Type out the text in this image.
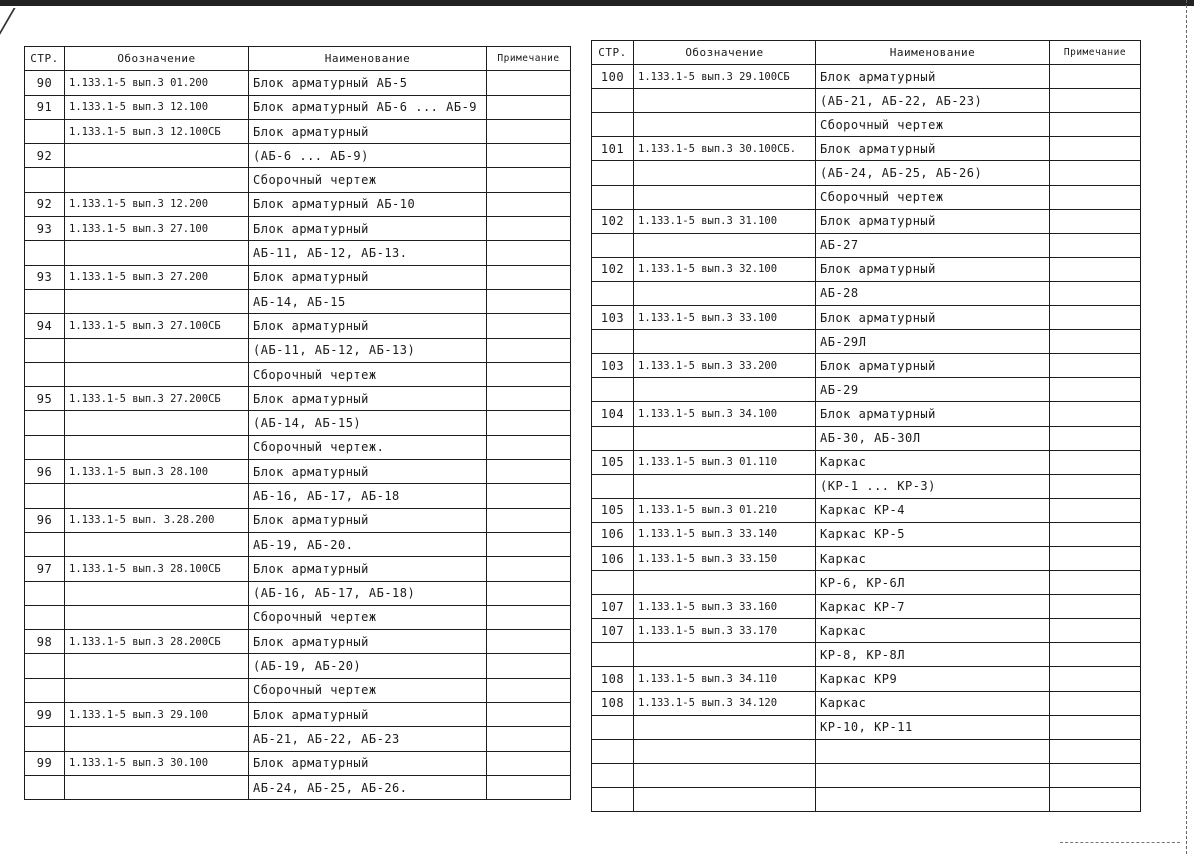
СТР.	Обозначение	Наименование	Примечание
90	1.133.1-5 вып.3 01.200	Блок арматурный АБ-5	
91	1.133.1-5 вып.3 12.100	Блок арматурный АБ-6 ... АБ-9	
	1.133.1-5 вып.3 12.100СБ	Блок арматурный	
92		(АБ-6 ... АБ-9)	
		Сборочный чертеж	
92	1.133.1-5 вып.3 12.200	Блок арматурный АБ-10	
93	1.133.1-5 вып.3 27.100	Блок арматурный	
		АБ-11, АБ-12, АБ-13.	
93	1.133.1-5 вып.3 27.200	Блок арматурный	
		АБ-14, АБ-15	
94	1.133.1-5 вып.3 27.100СБ	Блок арматурный	
		(АБ-11, АБ-12, АБ-13)	
		Сборочный чертеж	
95	1.133.1-5 вып.3 27.200СБ	Блок арматурный	
		(АБ-14, АБ-15)	
		Сборочный чертеж.	
96	1.133.1-5 вып.3 28.100	Блок арматурный	
		АБ-16, АБ-17, АБ-18	
96	1.133.1-5 вып. 3.28.200	Блок арматурный	
		АБ-19, АБ-20.	
97	1.133.1-5 вып.3 28.100СБ	Блок арматурный	
		(АБ-16, АБ-17, АБ-18)	
		Сборочный чертеж	
98	1.133.1-5 вып.3 28.200СБ	Блок арматурный	
		(АБ-19, АБ-20)	
		Сборочный чертеж	
99	1.133.1-5 вып.3 29.100	Блок арматурный	
		АБ-21, АБ-22, АБ-23	
99	1.133.1-5 вып.3 30.100	Блок арматурный	
		АБ-24, АБ-25, АБ-26.	
СТР.	Обозначение	Наименование	Примечание
100	1.133.1-5 вып.3 29.100СБ	Блок арматурный	
		(АБ-21, АБ-22, АБ-23)	
		Сборочный чертеж	
101	1.133.1-5 вып.3 30.100СБ.	Блок арматурный	
		(АБ-24, АБ-25, АБ-26)	
		Сборочный чертеж	
102	1.133.1-5 вып.3 31.100	Блок арматурный	
		АБ-27	
102	1.133.1-5 вып.3 32.100	Блок арматурный	
		АБ-28	
103	1.133.1-5 вып.3 33.100	Блок арматурный	
		АБ-29Л	
103	1.133.1-5 вып.3 33.200	Блок арматурный	
		АБ-29	
104	1.133.1-5 вып.3 34.100	Блок арматурный	
		АБ-30, АБ-30Л	
105	1.133.1-5 вып.3 01.110	Каркас	
		(КР-1 ... КР-3)	
105	1.133.1-5 вып.3 01.210	Каркас КР-4	
106	1.133.1-5 вып.3 33.140	Каркас КР-5	
106	1.133.1-5 вып.3 33.150	Каркас	
		КР-6, КР-6Л	
107	1.133.1-5 вып.3 33.160	Каркас КР-7	
107	1.133.1-5 вып.3 33.170	Каркас	
		КР-8, КР-8Л	
108	1.133.1-5 вып.3 34.110	Каркас КР9	
108	1.133.1-5 вып.3 34.120	Каркас	
		КР-10, КР-11	
